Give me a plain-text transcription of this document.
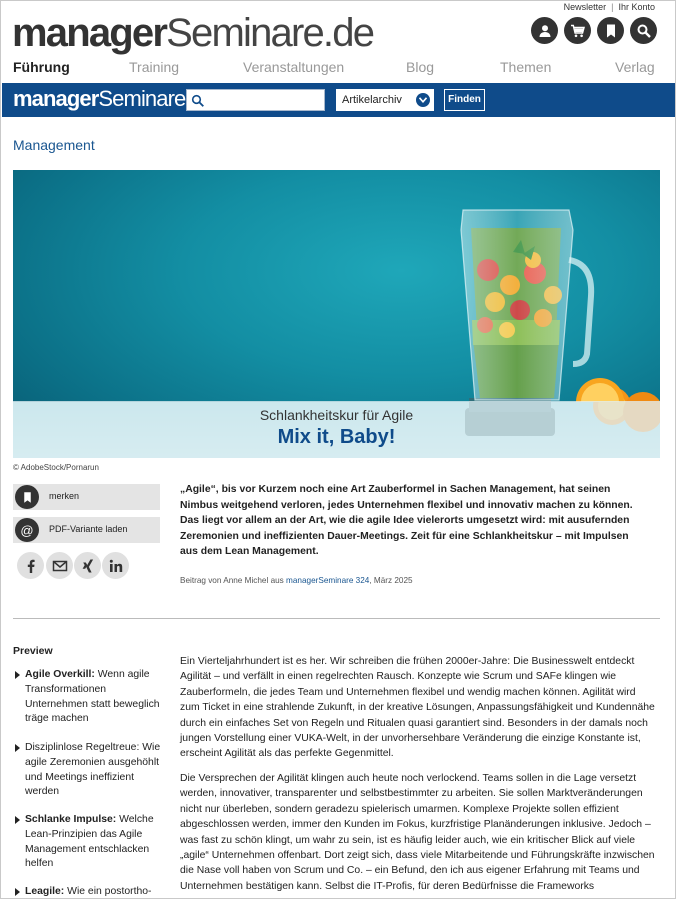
Newsletter | Ihr Konto
managerSeminare.de
Führung	Training	Veranstaltungen	Blog	Themen	Verlag
managerSeminare	Artikelarchiv	Finden
Management
Schlankheitskur für Agile
Mix it, Baby!
© AdobeStock/Pornarun
merken
@	PDF-Variante laden
„Agile“, bis vor Kurzem noch eine Art Zauberformel in Sachen Management, hat seinen Nimbus weitgehend verloren, jedes Unternehmen flexibel und innovativ machen zu können. Das liegt vor allem an der Art, wie die agile Idee vielerorts umgesetzt wird: mit ausufernden Zeremonien und ineffizienten Dauer-Meetings. Zeit für eine Schlankheitskur – mit Impulsen aus dem Lean Management.
Beitrag von Anne Michel aus managerSeminare 324, März 2025
Preview
Agile Overkill: Wenn agile Transformationen Unternehmen statt beweglich träge machen
Disziplinlose Regeltreue: Wie agile Zeremonien ausgehöhlt und Meetings ineffizient werden
Schlanke Impulse: Welche Lean-Prinzipien das Agile Management entschlacken helfen
Leagile: Wie ein postortho-
Ein Vierteljahrhundert ist es her. Wir schreiben die frühen 2000er-Jahre: Die Businesswelt entdeckt Agilität – und verfällt in einen regelrechten Rausch. Konzepte wie Scrum und SAFe klingen wie Zauberformeln, die jedes Team und Unternehmen flexibel und wendig machen können. Agilität wird zum Ticket in eine strahlende Zukunft, in der kreative Lösungen, Anpassungsfähigkeit und Kundennähe durch ein einfaches Set von Regeln und Ritualen quasi garantiert sind. Besonders in der damals noch jungen Vorstellung einer VUKA-Welt, in der unvorhersehbare Veränderung die einzige Konstante ist, erscheint Agilität als das perfekte Gegenmittel.
Die Versprechen der Agilität klingen auch heute noch verlockend. Teams sollen in die Lage versetzt werden, innovativer, transparenter und selbstbestimmter zu arbeiten. Sie sollen Marktveränderungen nicht nur überleben, sondern geradezu spielerisch umarmen. Komplexe Projekte sollen effizient abgeschlossen werden, immer den Kunden im Fokus, kurzfristige Planänderungen inklusive. Jedoch – was fast zu schön klingt, um wahr zu sein, ist es häufig leider auch, wie ein kritischer Blick auf viele „agile“ Unternehmen offenbart. Dort zeigt sich, dass viele Mitarbeitende und Führungskräfte inzwischen die Nase voll haben von Scrum und Co. – ein Befund, den ich aus eigener Erfahrung mit Teams und Unternehmen bestätigen kann. Selbst die IT-Profis, für deren Bedürfnisse die Frameworks
